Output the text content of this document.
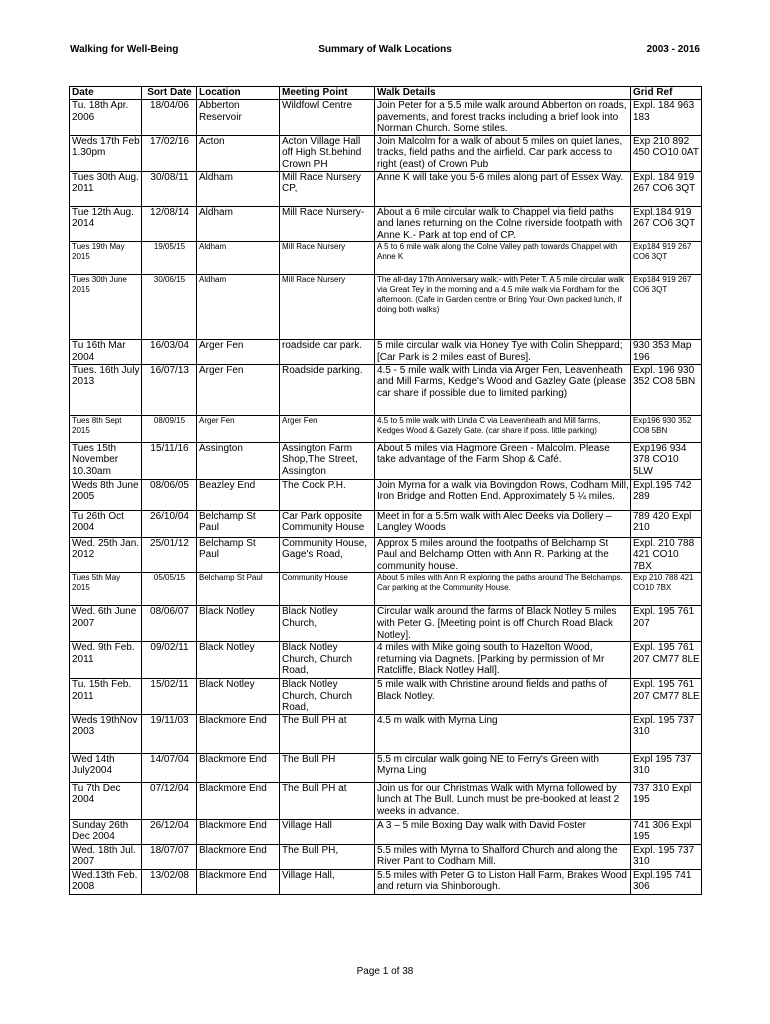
Walking for Well-Being	Summary of Walk Locations	2003 - 2016
Date	Sort Date	Location	Meeting Point	Walk Details	Grid Ref
Tu. 18th Apr. 2006	18/04/06	Abberton Reservoir	Wildfowl Centre	Join Peter for a 5.5 mile walk around Abberton on roads, pavements, and forest tracks including a brief look into Norman Church. Some stiles.	Expl. 184 963 183
Weds 17th Feb 1.30pm	17/02/16	Acton	Acton Village Hall off High St.behind Crown PH	Join Malcolm for a walk of about 5 miles on quiet lanes, tracks, field paths and the airfield. Car park access to right (east) of Crown Pub	Exp 210 892 450 CO10 0AT
Tues 30th Aug. 2011	30/08/11	Aldham	Mill Race Nursery CP,	Anne K will take you 5-6 miles along part of Essex Way.	Expl. 184 919 267 CO6 3QT
Tue 12th Aug. 2014	12/08/14	Aldham	Mill Race Nursery-	About a 6 mile circular walk to Chappel via field paths and lanes returning on the Colne riverside footpath with Anne K.- Park at top end of CP.	Expl.184 919 267 CO6 3QT
Tues 19th May 2015	19/05/15	Aldham	Mill Race Nursery	A 5 to 6 mile walk along the Colne Valley path towards Chappel with Anne K	Exp184 919 267 CO6 3QT
Tues 30th June 2015	30/06/15	Aldham	Mill Race Nursery	The all-day 17th Anniversary walk:- with Peter T. A 5 mile circular walk via Great Tey in the morning and a 4.5 mile walk via Fordham for the afternoon. (Cafe in Garden centre or Bring Your Own packed lunch, if doing both walks)	Exp184 919 267 CO6 3QT
Tu 16th Mar 2004	16/03/04	Arger Fen	roadside car park.	5 mile circular walk via Honey Tye with Colin Sheppard; [Car Park is 2 miles east of Bures].	930 353 Map 196
Tues. 16th July 2013	16/07/13	Arger Fen	Roadside parking.	4.5 - 5 mile walk with Linda via Arger Fen, Leavenheath and Mill Farms, Kedge's Wood and Gazley Gate (please car share if possible due to limited parking)	Expl. 196 930 352 CO8 5BN
Tues 8th Sept 2015	08/09/15	Arger Fen	Arger Fen	4.5 to 5 mile walk with Linda C via Leavenheath and Mill farms, Kedges Wood & Gazely Gate. (car share if poss. little parking)	Exp196 930 352 CO8 5BN
Tues 15th November 10.30am	15/11/16	Assington	Assington Farm Shop,The Street, Assington	About 5 miles via Hagmore Green - Malcolm. Please take advantage of the Farm Shop & Café.	Exp196 934 378 CO10 5LW
Weds 8th June 2005	08/06/05	Beazley End	The Cock P.H.	Join Myrna for a walk via Bovingdon Rows, Codham Mill, Iron Bridge and Rotten End. Approximately 5 ¼ miles.	Expl.195 742 289
Tu 26th Oct 2004	26/10/04	Belchamp St Paul	Car Park opposite Community House	Meet in for a 5.5m walk with Alec Deeks via Dollery – Langley Woods	789 420 Expl 210
Wed. 25th Jan. 2012	25/01/12	Belchamp St Paul	Community House, Gage's Road,	Approx 5 miles around the footpaths of Belchamp St Paul and Belchamp Otten with Ann R. Parking at the community house.	Expl. 210 788 421 CO10 7BX
Tues 5th May 2015	05/05/15	Belchamp St Paul	Community House	About 5 miles with Ann R exploring the paths around The Belchamps. Car parking at the Community House.	Exp 210 788 421 CO10 7BX
Wed. 6th June 2007	08/06/07	Black Notley	Black Notley Church,	Circular walk around the farms of Black Notley 5 miles with Peter G. [Meeting point is off Church Road Black Notley].	Expl. 195 761 207
Wed. 9th Feb. 2011	09/02/11	Black Notley	Black Notley Church, Church Road,	4 miles with Mike going south to Hazelton Wood, returning via Dagnets. [Parking by permission of Mr Ratcliffe, Black Notley Hall].	Expl. 195 761 207 CM77 8LE
Tu. 15th Feb. 2011	15/02/11	Black Notley	Black Notley Church, Church Road,	5 mile walk with Christine around fields and paths of Black Notley.	Expl. 195 761 207 CM77 8LE
Weds 19thNov 2003	19/11/03	Blackmore End	The Bull PH at	4.5 m walk with Myrna Ling	Expl. 195 737 310
Wed 14th July2004	14/07/04	Blackmore End	The Bull PH	5.5 m circular walk going NE to Ferry's Green with Myrna Ling	Expl 195 737 310
Tu 7th Dec 2004	07/12/04	Blackmore End	The Bull PH at	Join us for our Christmas Walk with Myrna followed by lunch at The Bull. Lunch must be pre-booked at least 2 weeks in advance.	737 310 Expl 195
Sunday 26th Dec 2004	26/12/04	Blackmore End	Village Hall	A 3 – 5 mile Boxing Day walk with David Foster	741 306 Expl 195
Wed. 18th Jul. 2007	18/07/07	Blackmore End	The Bull PH,	5.5 miles with Myrna to Shalford Church and along the River Pant to Codham Mill.	Expl. 195 737 310
Wed.13th Feb. 2008	13/02/08	Blackmore End	Village Hall,	5.5 miles with Peter G to Liston Hall Farm, Brakes Wood and return via Shinborough.	Expl.195 741 306
Page 1 of 38
